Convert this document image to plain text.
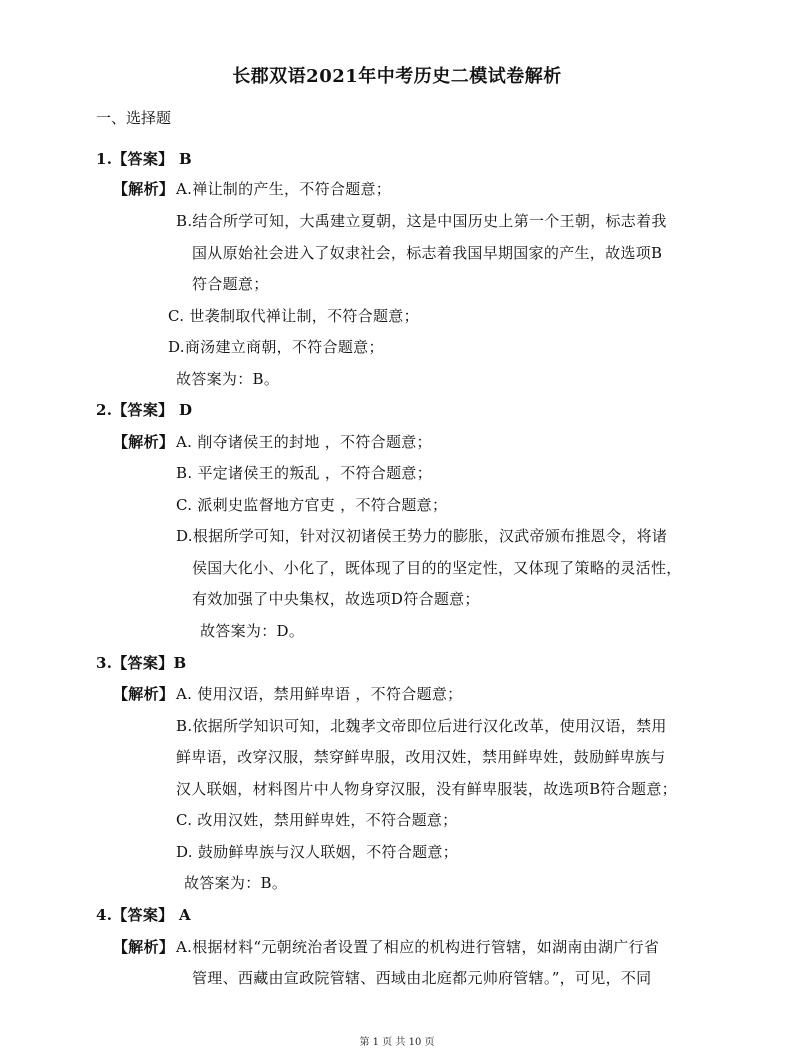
长郡双语2021年中考历史二模试卷解析
一、选择题
1.【答案】 B
【解析】 A.禅让制的产生，不符合题意；
B.结合所学可知，大禹建立夏朝，这是中国历史上第一个王朝，标志着我
国从原始社会进入了奴隶社会，标志着我国早期国家的产生，故选项B
符合题意；
C. 世袭制取代禅让制，不符合题意；
D.商汤建立商朝，不符合题意；
故答案为：B。
2.【答案】 D
【解析】 A. 削夺诸侯王的封地 ，不符合题意；
B. 平定诸侯王的叛乱 ，不符合题意；
C. 派刺史监督地方官吏 ，不符合题意；
D.根据所学可知，针对汉初诸侯王势力的膨胀，汉武帝颁布推恩令，将诸
侯国大化小、小化了，既体现了目的的坚定性，又体现了策略的灵活性，
有效加强了中央集权，故选项D符合题意；
故答案为：D。
3.【答案】B
【解析】 A. 使用汉语，禁用鲜卑语 ，不符合题意；
B.依据所学知识可知，北魏孝文帝即位后进行汉化改革，使用汉语，禁用
鲜卑语，改穿汉服，禁穿鲜卑服，改用汉姓，禁用鲜卑姓，鼓励鲜卑族与
汉人联姻，材料图片中人物身穿汉服，没有鲜卑服装，故选项B符合题意；
C. 改用汉姓，禁用鲜卑姓，不符合题意；
D. 鼓励鲜卑族与汉人联姻，不符合题意；
故答案为：B。
4.【答案】 A
【解析】 A.根据材料“元朝统治者设置了相应的机构进行管辖，如湖南由湖广行省
管理、西藏由宣政院管辖、西域由北庭都元帅府管辖。”，可见，不同
第 1 页 共 10 页
